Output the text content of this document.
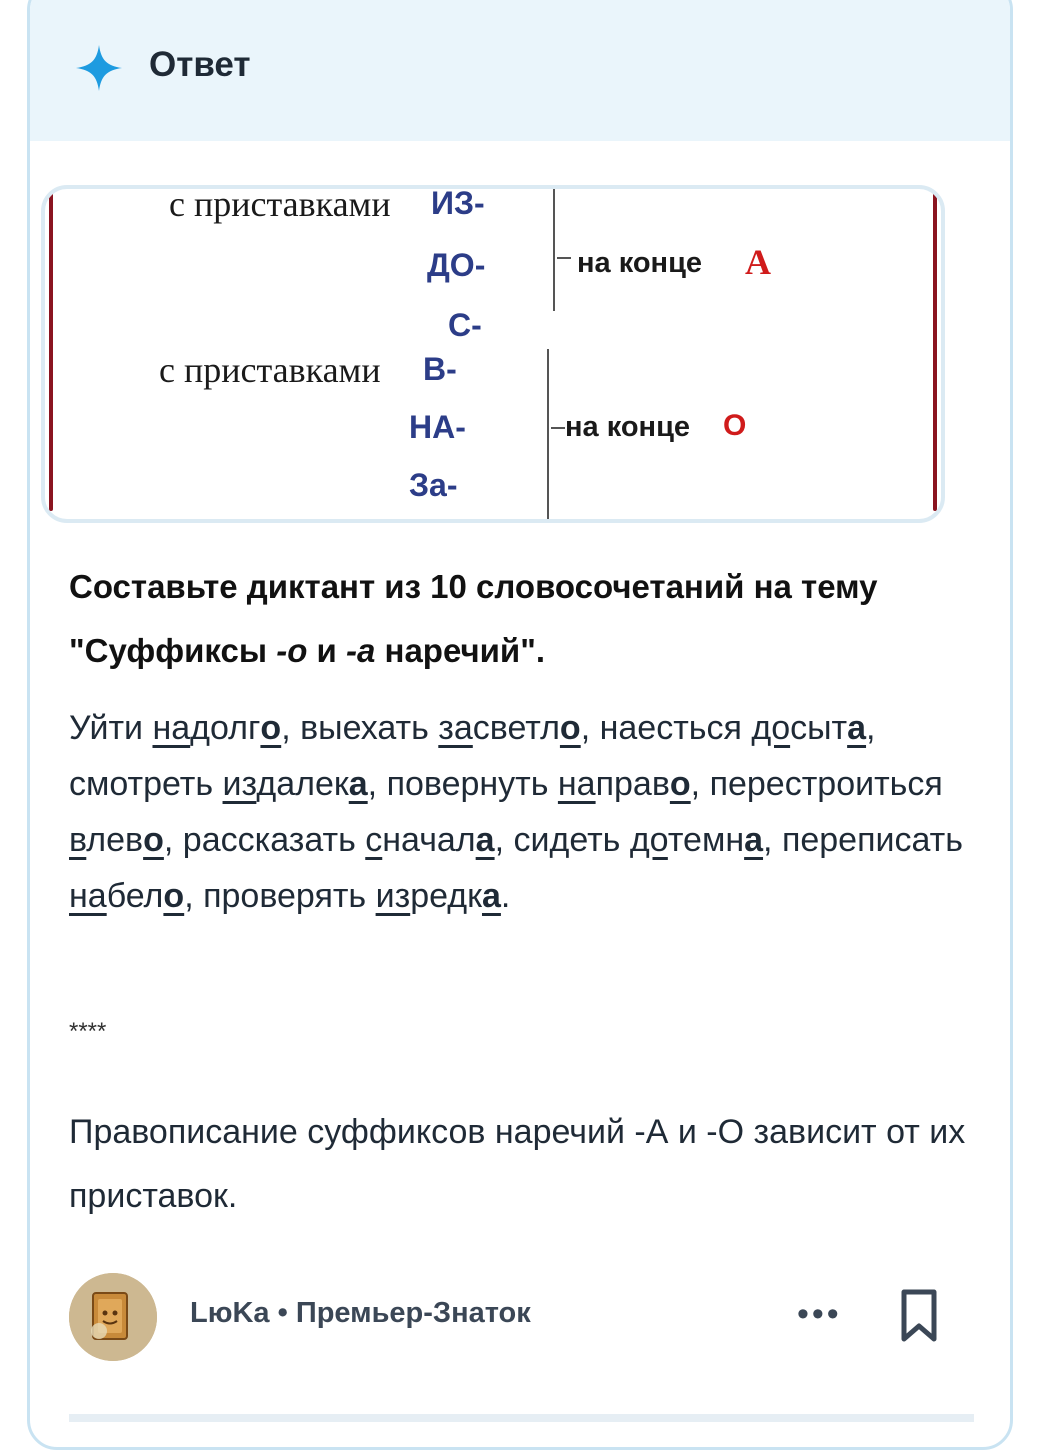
Ответ
с приставками ИЗ-
ДО-
С-
на конце А
с приставками В-
НА-
За-
на конце О
Составьте диктант из 10 словосочетаний на тему "Суффиксы -о и -а наречий".
Уйти надолго, выехать засветло, наесться досыта, смотреть издалека, повернуть направо, перестроиться влево, рассказать сначала, сидеть дотемна, переписать набело, проверять изредка.
****
Правописание суффиксов наречий -А и -О зависит от их приставок.
LюKa • Премьер-Знаток	•••
